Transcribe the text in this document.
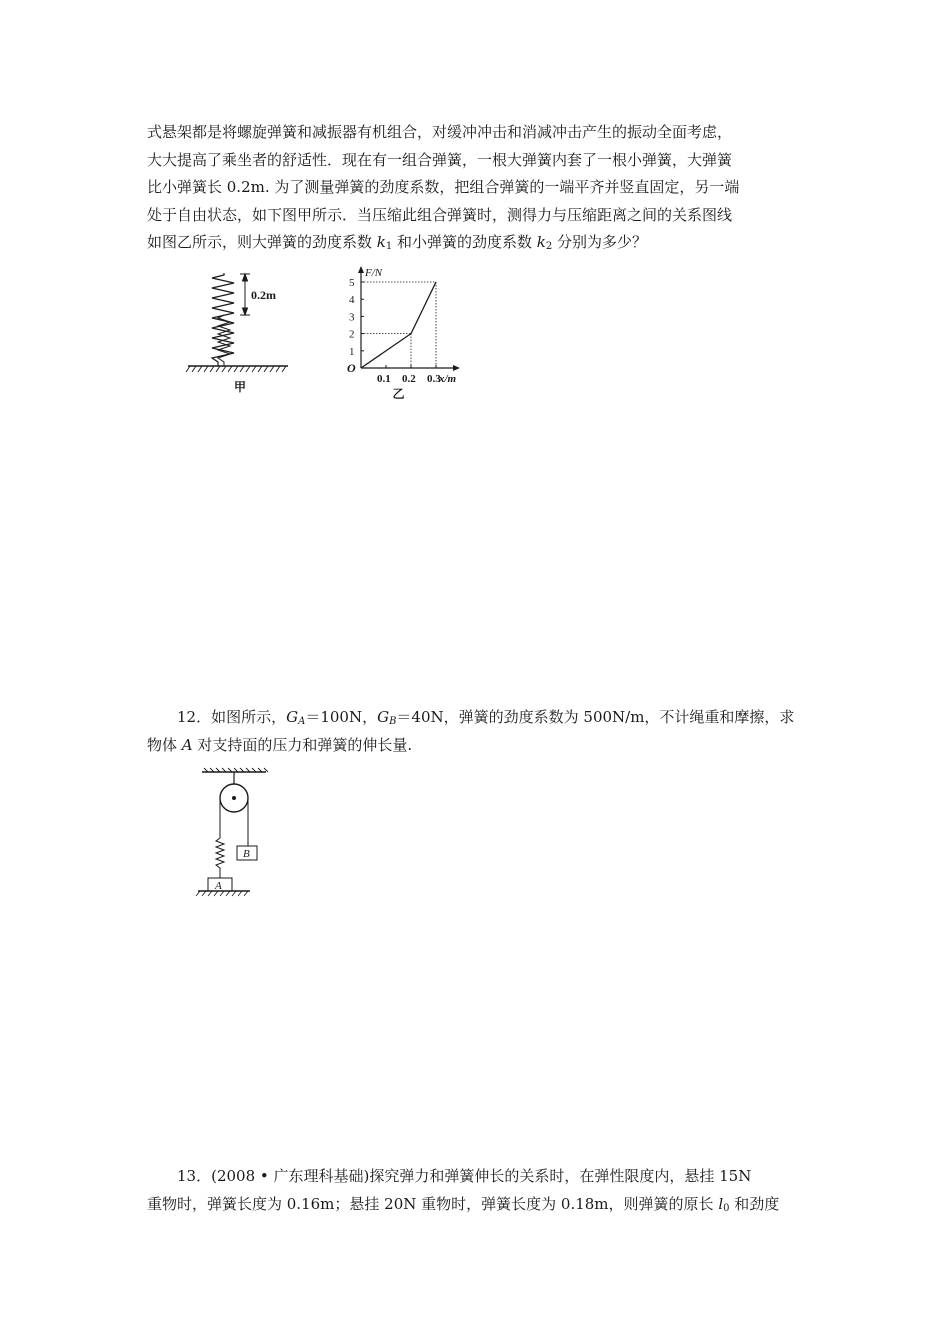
式悬架都是将螺旋弹簧和减振器有机组合，对缓冲冲击和消减冲击产生的振动全面考虑，
大大提高了乘坐者的舒适性．现在有一组合弹簧，一根大弹簧内套了一根小弹簧，大弹簧
比小弹簧长 0.2m. 为了测量弹簧的劲度系数，把组合弹簧的一端平齐并竖直固定，另一端
处于自由状态，如下图甲所示．当压缩此组合弹簧时，测得力与压缩距离之间的关系图线
如图乙所示，则大弹簧的劲度系数 $k_1$ 和小弹簧的劲度系数 $k_2$ 分别为多少？
0.2m
甲
1
2
3
4
5
0.1 0.2 0.3
F/N
x/m
O
乙
12．如图所示，$G_A=100N$，$G_B=40N$，弹簧的劲度系数为 500N/m，不计绳重和摩擦，求
物体 A 对支持面的压力和弹簧的伸长量.
A
B
13．(2008 • 广东理科基础)探究弹力和弹簧伸长的关系时，在弹性限度内，悬挂 15N
重物时，弹簧长度为 0.16m；悬挂 20N 重物时，弹簧长度为 0.18m，则弹簧的原长 $l_0$ 和劲度
